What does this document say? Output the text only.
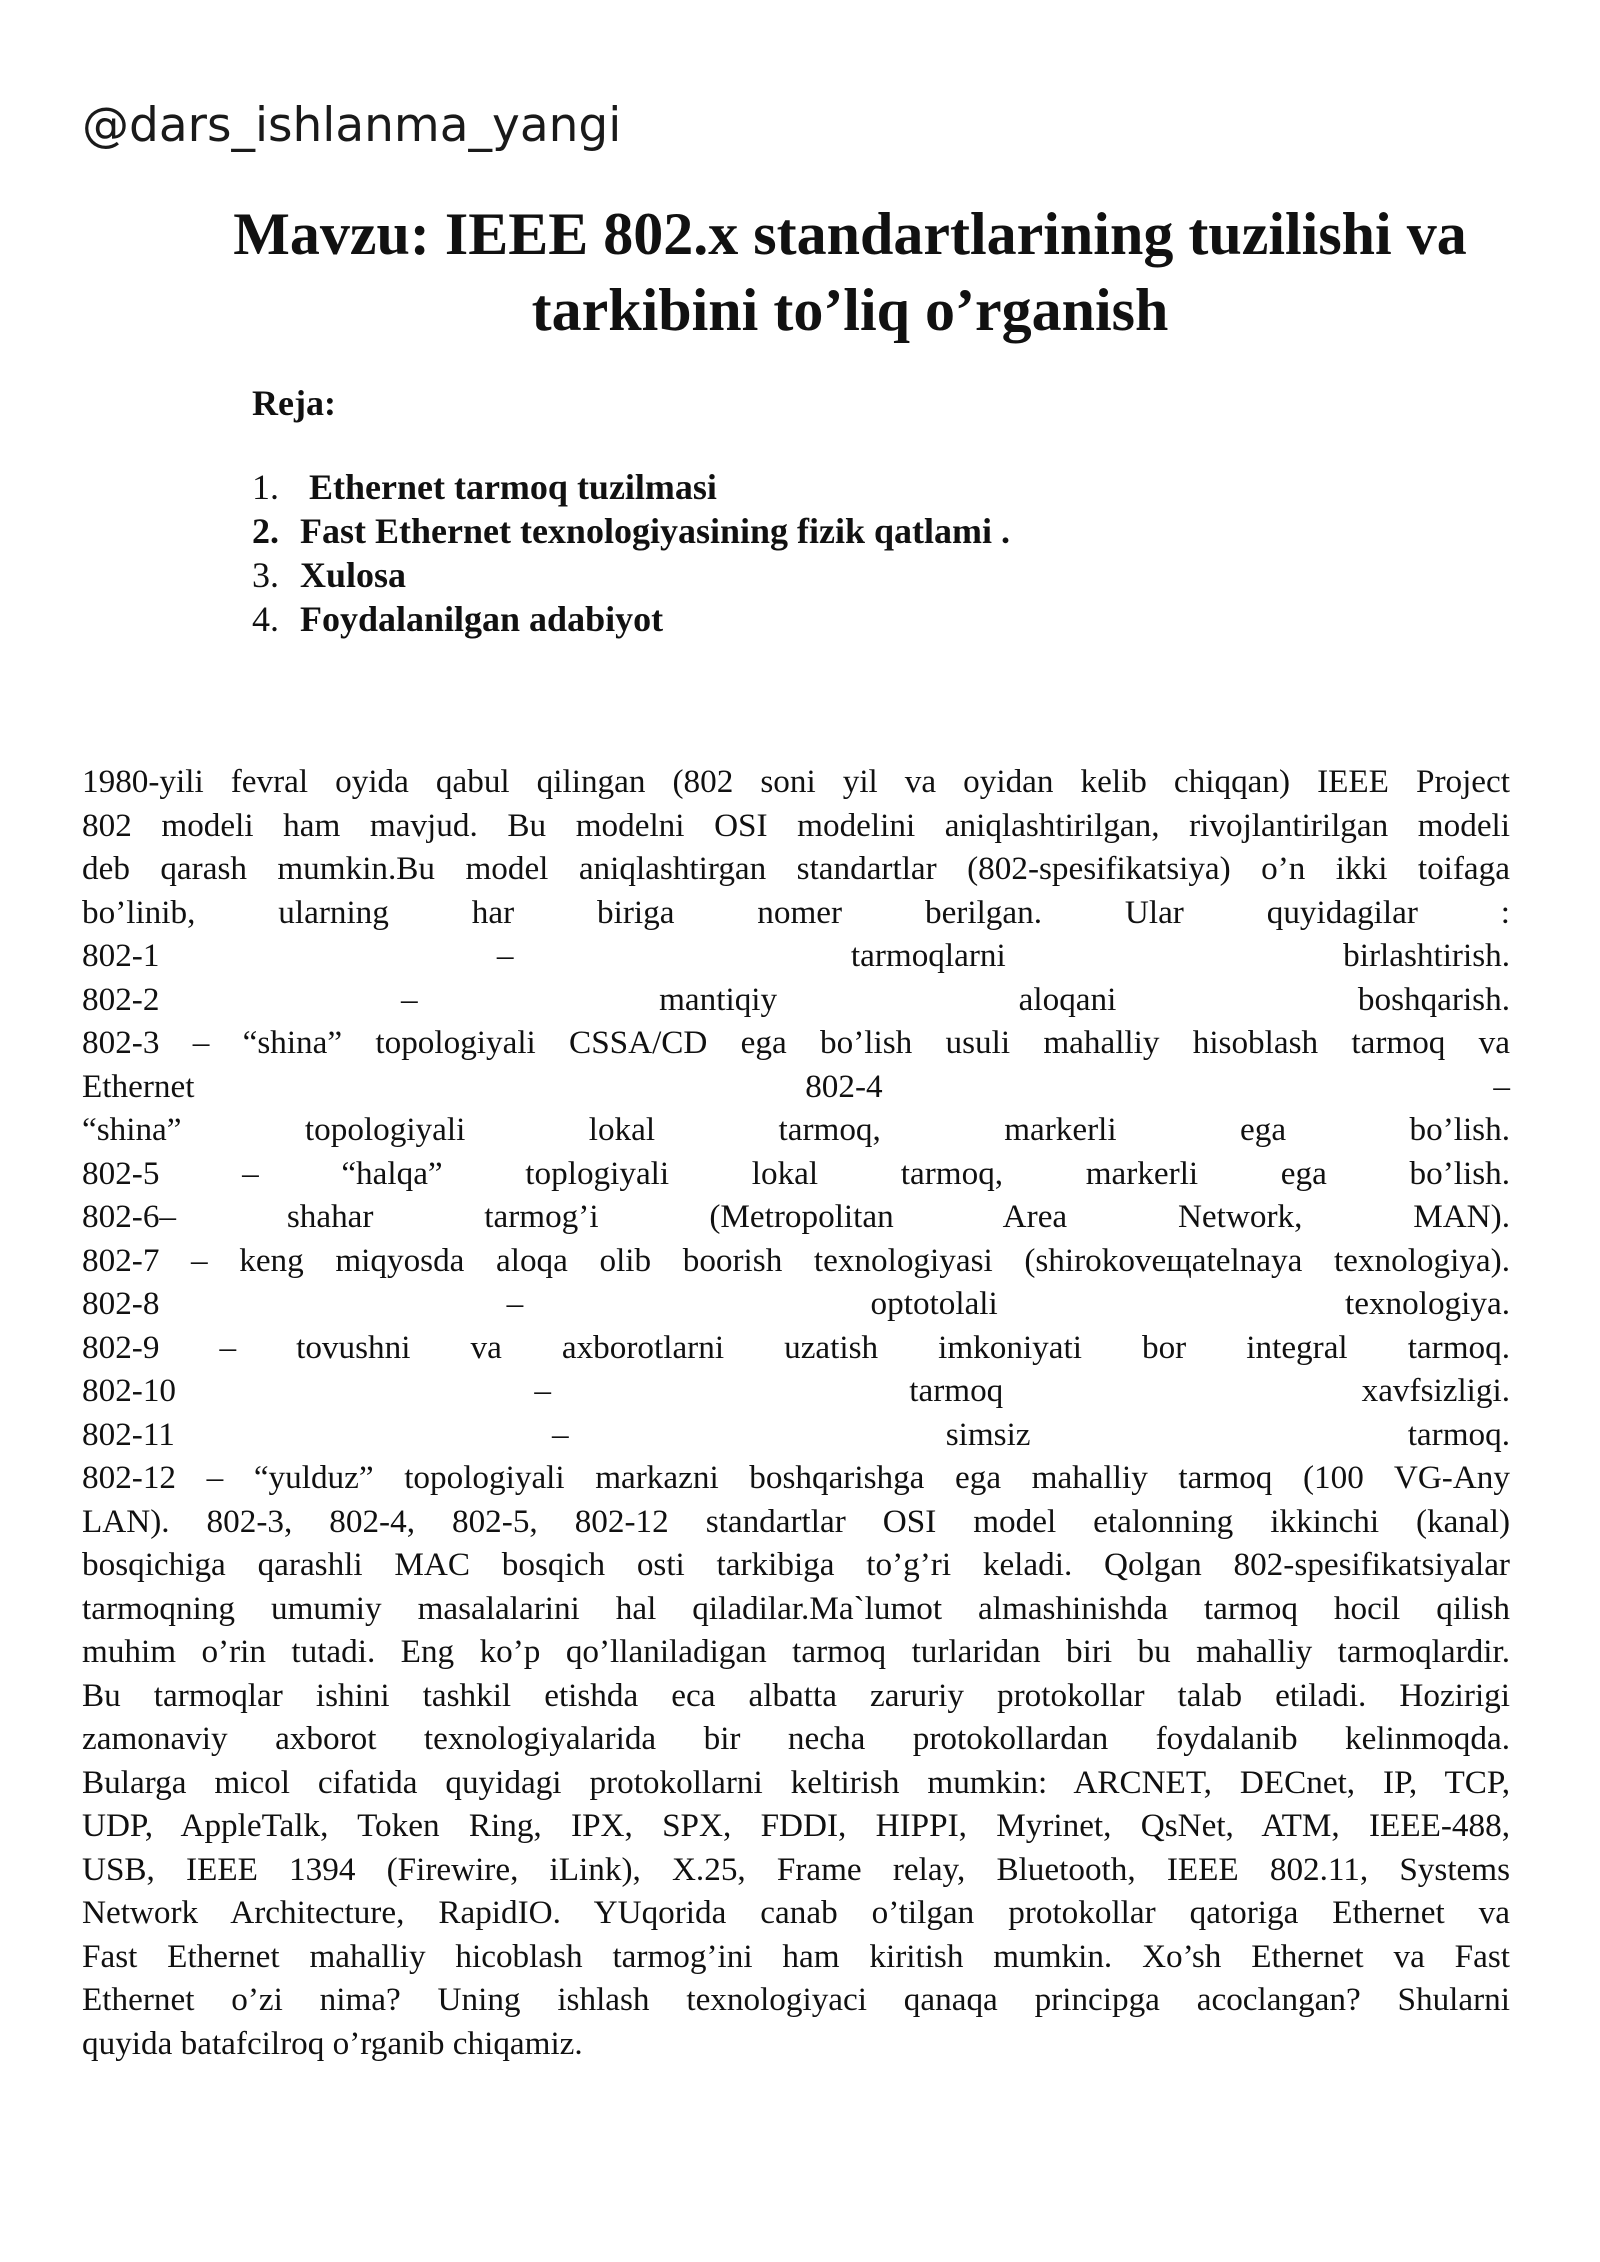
@dars_ishlanma_yangi
Mavzu: IEEE 802.x standartlarining tuzilishi va
tarkibini to’liq o’rganish
Reja:
1. Ethernet tarmoq tuzilmasi
2. Fast Ethernet texnologiyasining fizik qatlami .
3. Xulosa
4. Foydalanilgan adabiyot
1980-yili fevral oyida qabul qilingan (802 soni yil va oyidan kelib chiqqan) IEEE Project
802 modeli ham mavjud. Bu modelni OSI modelini aniqlashtirilgan, rivojlantirilgan modeli
deb qarash mumkin.Bu model aniqlashtirgan standartlar (802-spesifikatsiya) o’n ikki toifaga
bo’linib, ularning har biriga nomer berilgan. Ular quyidagilar :
802-1 – tarmoqlarni birlashtirish.
802-2 – mantiqiy aloqani boshqarish.
802-3 – “shina” topologiyali CSSA/CD ega bo’lish usuli mahalliy hisoblash tarmoq va
Ethernet 802-4 –
“shina” topologiyali lokal tarmoq, markerli ega bo’lish.
802-5 – “halqa” toplogiyali lokal tarmoq, markerli ega bo’lish.
802-6– shahar tarmog’i (Metropolitan Area Network, MAN).
802-7 – keng miqyosda aloqa olib boorish texnologiyasi (shirokoveщatelnaya texnologiya).
802-8 – optotolali texnologiya.
802-9 – tovushni va axborotlarni uzatish imkoniyati bor integral tarmoq.
802-10 – tarmoq xavfsizligi.
802-11 – simsiz tarmoq.
802-12 – “yulduz” topologiyali markazni boshqarishga ega mahalliy tarmoq (100 VG-Any
LAN). 802-3, 802-4, 802-5, 802-12 standartlar OSI model etalonning ikkinchi (kanal)
bosqichiga qarashli MAC bosqich osti tarkibiga to’g’ri keladi. Qolgan 802-spesifikatsiyalar
tarmoqning umumiy masalalarini hal qiladilar.Ma`lumot almashinishda tarmoq hocil qilish
muhim o’rin tutadi. Eng ko’p qo’llaniladigan tarmoq turlaridan biri bu mahalliy tarmoqlardir.
Bu tarmoqlar ishini tashkil etishda eca albatta zaruriy protokollar talab etiladi. Hozirigi
zamonaviy axborot texnologiyalarida bir necha protokollardan foydalanib kelinmoqda.
Bularga micol cifatida quyidagi protokollarni keltirish mumkin: ARCNET, DECnet, IP, TCP,
UDP, AppleTalk, Token Ring, IPX, SPX, FDDI, HIPPI, Myrinet, QsNet, ATM, IEEE-488,
USB, IEEE 1394 (Firewire, iLink), X.25, Frame relay, Bluetooth, IEEE 802.11, Systems
Network Architecture, RapidIO. YUqorida canab o’tilgan protokollar qatoriga Ethernet va
Fast Ethernet mahalliy hicoblash tarmog’ini ham kiritish mumkin. Xo’sh Ethernet va Fast
Ethernet o’zi nima? Uning ishlash texnologiyaci qanaqa principga acoclangan? Shularni
quyida batafcilroq o’rganib chiqamiz.
